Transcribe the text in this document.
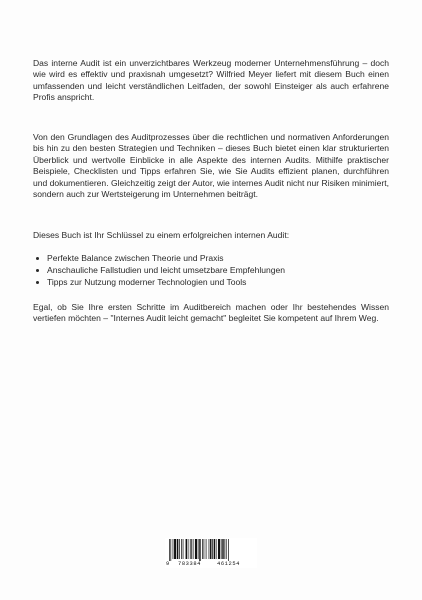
Das interne Audit ist ein unverzichtbares Werkzeug moderner Unternehmensführung – doch wie wird es effektiv und praxisnah umgesetzt? Wilfried Meyer liefert mit diesem Buch einen umfassenden und leicht verständlichen Leitfaden, der sowohl Einsteiger als auch erfahrene Profis anspricht.

Von den Grundlagen des Auditprozesses über die rechtlichen und normativen Anforderungen bis hin zu den besten Strategien und Techniken – dieses Buch bietet einen klar strukturierten Überblick und wertvolle Einblicke in alle Aspekte des internen Audits. Mithilfe praktischer Beispiele, Checklisten und Tipps erfahren Sie, wie Sie Audits effizient planen, durchführen und dokumentieren. Gleichzeitig zeigt der Autor, wie internes Audit nicht nur Risiken minimiert, sondern auch zur Wertsteigerung im Unternehmen beiträgt.

Dieses Buch ist Ihr Schlüssel zu einem erfolgreichen internen Audit:

Perfekte Balance zwischen Theorie und Praxis
Anschauliche Fallstudien und leicht umsetzbare Empfehlungen
Tipps zur Nutzung moderner Technologien und Tools

Egal, ob Sie Ihre ersten Schritte im Auditbereich machen oder Ihr bestehendes Wissen vertiefen möchten – "Internes Audit leicht gemacht" begleitet Sie kompetent auf Ihrem Weg.

9 783384	461254
